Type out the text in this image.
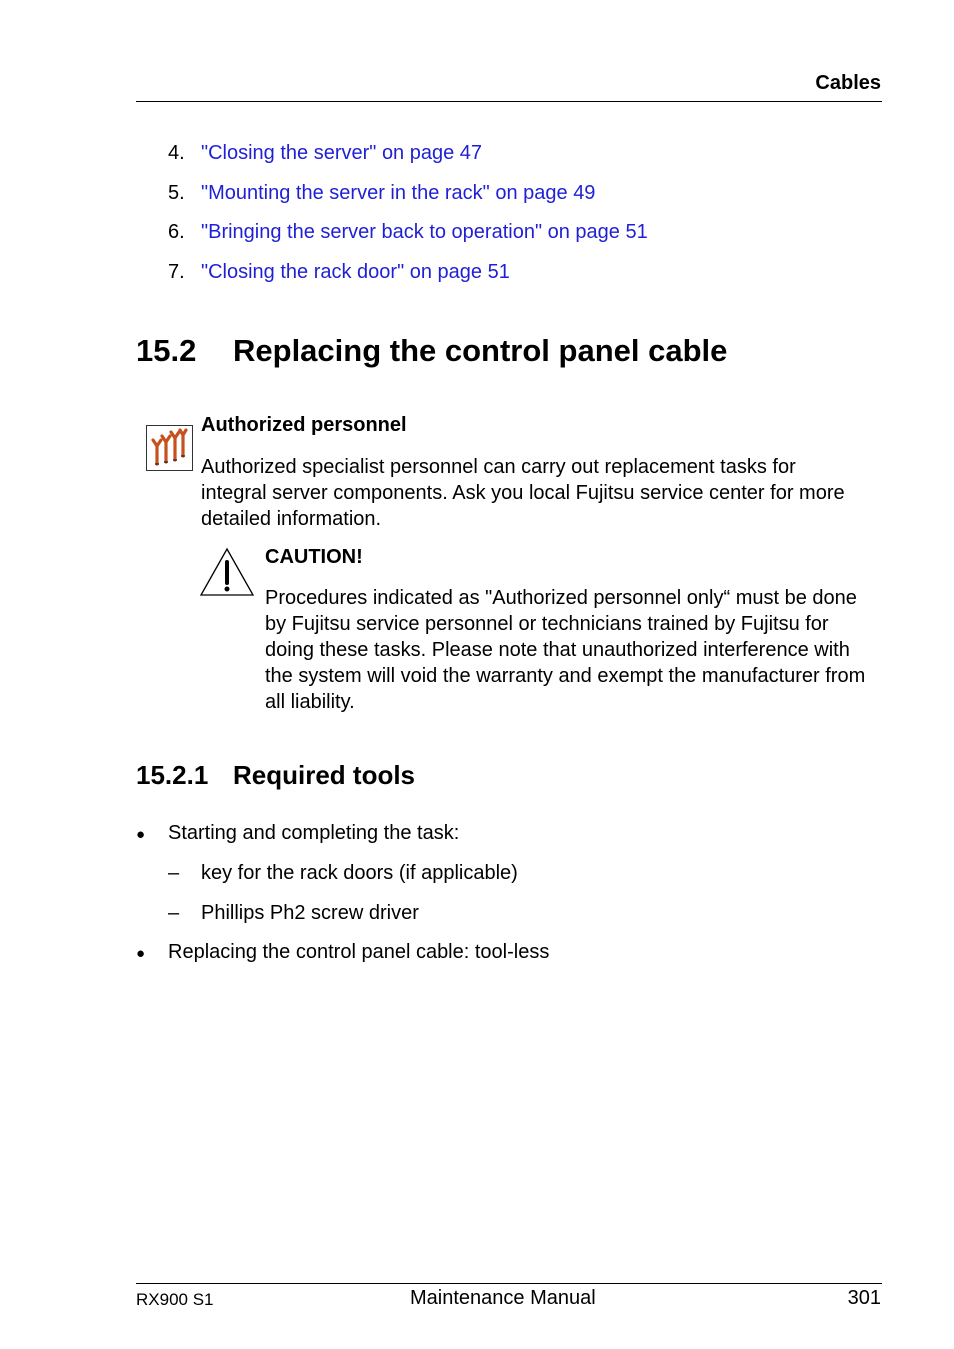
Cables
4. "Closing the server" on page 47
5. "Mounting the server in the rack" on page 49
6. "Bringing the server back to operation" on page 51
7. "Closing the rack door" on page 51
15.2	Replacing the control panel cable
Authorized personnel
Authorized specialist personnel can carry out replacement tasks for integral server components. Ask you local Fujitsu service center for more detailed information.
CAUTION!
Procedures indicated as "Authorized personnel only“ must be done by Fujitsu service personnel or technicians trained by Fujitsu for doing these tasks. Please note that unauthorized interference with the system will void the warranty and exempt the manufacturer from all liability.
15.2.1 Required tools
●	Starting and completing the task:
–	key for the rack doors (if applicable)
–	Phillips Ph2 screw driver
●	Replacing the control panel cable: tool-less
RX900 S1	Maintenance Manual	301
